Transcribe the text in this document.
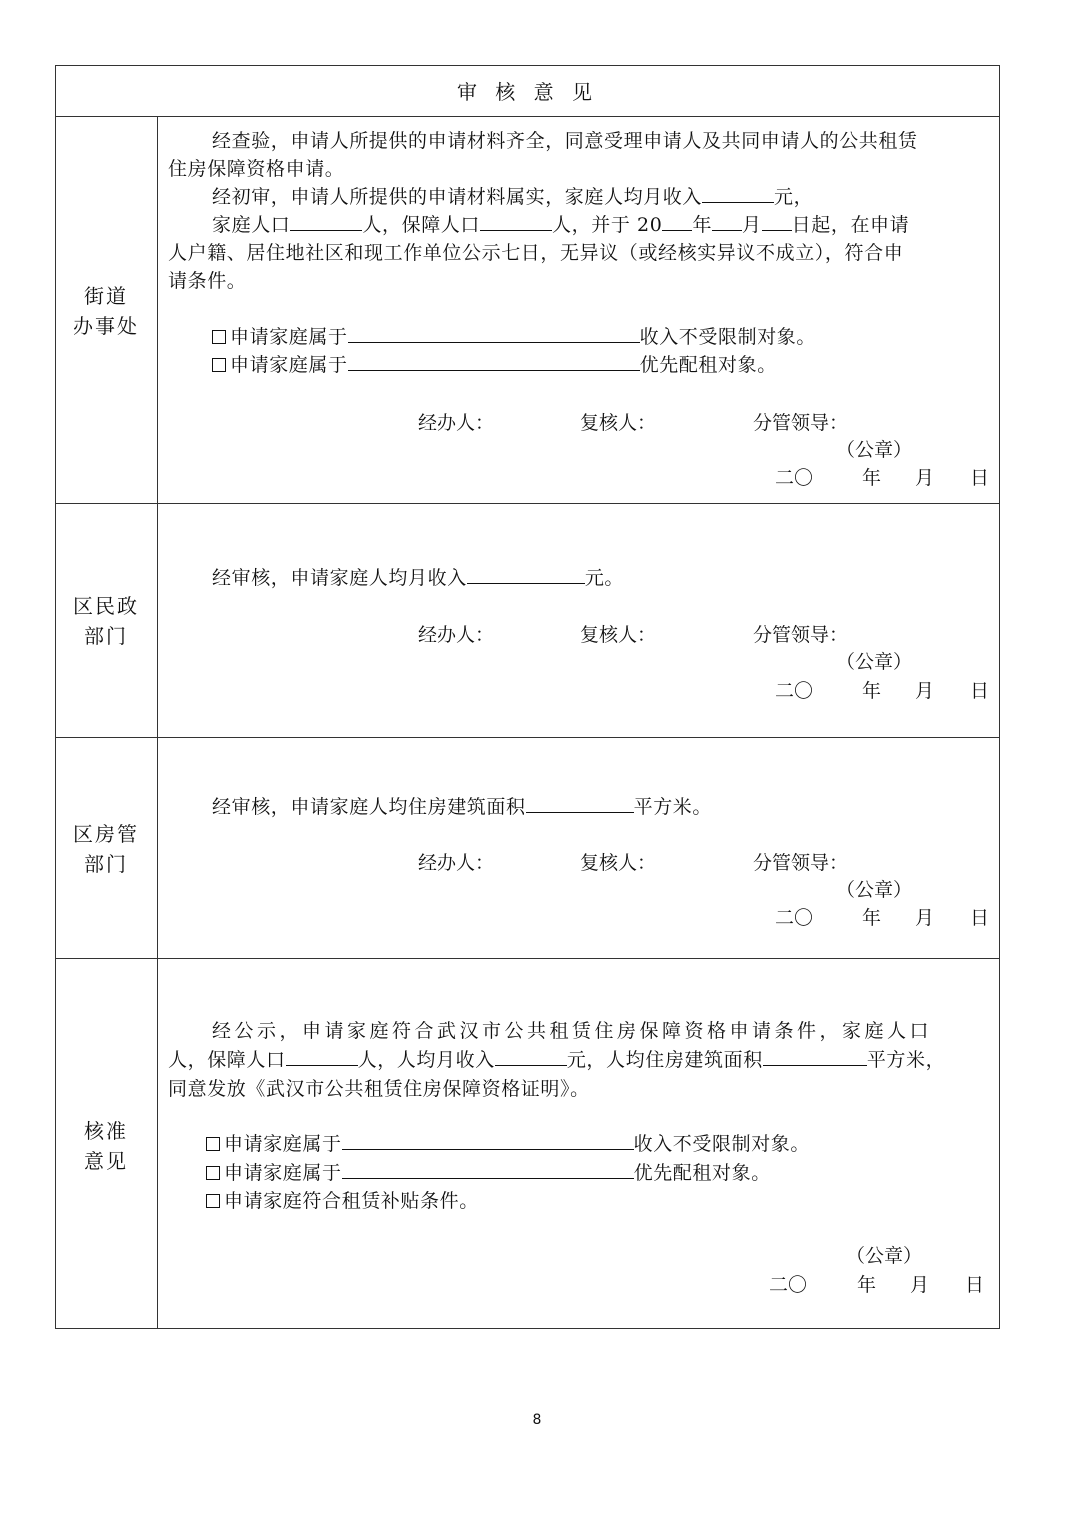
审 核 意 见
街道
办事处
经查验，申请人所提供的申请材料齐全，同意受理申请人及共同申请人的公共租赁
住房保障资格申请。
经初审，申请人所提供的申请材料属实，家庭人均月收入	元，
家庭人口	人，保障人口	人，并于 20 年 月 日起，在申请
人户籍、居住地社区和现工作单位公示七日，无异议（或经核实异议不成立），符合申
请条件。
申请家庭属于	收入不受限制对象。
申请家庭属于	优先配租对象。
经办人：	复核人：	分管领导：
（公章）
二〇	年 月 日
区民政
部门
经审核，申请家庭人均月收入	元。
经办人：	复核人：	分管领导：
（公章）
二〇	年 月 日
区房管
部门
经审核，申请家庭人均住房建筑面积	平方米。
经办人：	复核人：	分管领导：
（公章）
二〇	年 月 日
核准
意见
经公示，申请家庭符合武汉市公共租赁住房保障资格申请条件，家庭人口
人，保障人口	人，人均月收入	元，人均住房建筑面积	平方米，
同意发放《武汉市公共租赁住房保障资格证明》。
申请家庭属于	收入不受限制对象。
申请家庭属于	优先配租对象。
申请家庭符合租赁补贴条件。
（公章）
二〇	年 月 日
8
